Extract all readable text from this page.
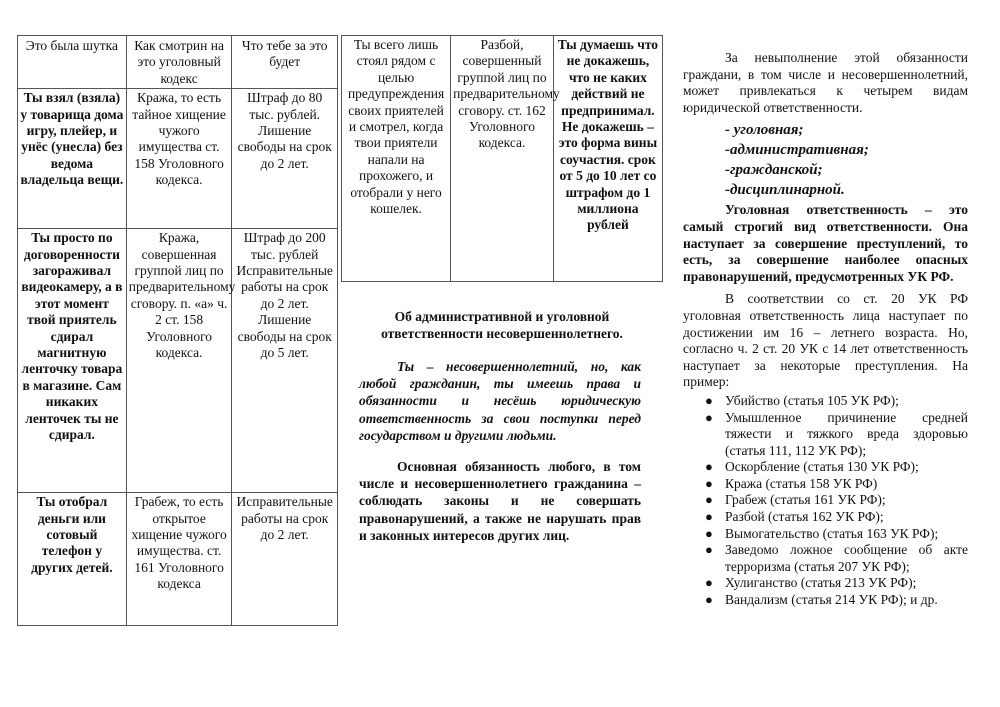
Это была шутка	Как смотрин на это уголовный кодекс	Что тебе за это будет
Ты взял (взяла) у товарища дома игру, плейер, и унёс (унесла) без ведома владельца вещи.	Кража, то есть тайное хищение чужого имущества ст. 158 Уголовного кодекса.	Штраф до 80 тыс. рублей. Лишение свободы на срок до 2 лет.
Ты просто по договоренности загораживал видеокамеру, а в этот момент твой приятель сдирал магнитную ленточку товара в магазине. Сам никаких ленточек ты не сдирал.	Кража, совершенная группой лиц по предварительному сговору. п. «а» ч. 2 ст. 158 Уголовного кодекса.	Штраф до 200 тыс. рублей Исправительные работы на срок до 2 лет. Лишение свободы на срок до 5 лет.
Ты отобрал деньги или сотовый телефон у других детей.	Грабеж, то есть открытое хищение чужого имущества. ст. 161 Уголовного кодекса	Исправительные работы на срок до 2 лет.
Ты всего лишь стоял рядом с целью предупреждения своих приятелей и смотрел, когда твои приятели напали на прохожего, и отобрали у него кошелек.	Разбой, совершенный группой лиц по предварительному сговору. ст. 162 Уголовного кодекса.	Ты думаешь что не докажешь, что не каких действий не предпринимал. Не докажешь – это форма вины соучастия. срок от 5 до 10 лет со штрафом до 1 миллиона рублей
Об административной и уголовной ответственности несовершеннолетнего.
Ты – несовершеннолетний, но, как любой гражданин, ты имеешь права и обязанности и несёшь юридическую ответственность за свои поступки перед государством и другими людьми.
Основная обязанность любого, в том числе и несовершеннолетнего гражданина – соблюдать законы и не совершать правонарушений, а также не нарушать прав и законных интересов других лиц.

За невыполнение этой обязанности граждани, в том числе и несовершеннолетний, может привлекаться к четырем видам юридической ответственности.

- уголовная;
-административная;
-гражданской;
-дисциплинарной.

Уголовная ответственность – это самый строгий вид ответственности. Она наступает за совершение преступлений, то есть, за совершение наиболее опасных правонарушений, предусмотренных УК РФ.

В соответствии со ст. 20 УК РФ уголовная ответственность лица наступает по достижении им 16 – летнего возраста. Но, согласно ч. 2 ст. 20 УК с 14 лет ответственность наступает за некоторые преступления. На пример:

● Убийство (статья 105 УК РФ);
● Умышленное причинение средней тяжести и тяжкого вреда здоровью (статья 111, 112 УК РФ);
● Оскорбление (статья 130 УК РФ);
● Кража (статья 158 УК РФ)
● Грабеж (статья 161 УК РФ);
● Разбой (статья 162 УК РФ);
● Вымогательство (статья 163 УК РФ);
● Заведомо ложное сообщение об акте терроризма (статья 207 УК РФ);
● Хулиганство (статья 213 УК РФ);
● Вандализм (статья 214 УК РФ); и др.
